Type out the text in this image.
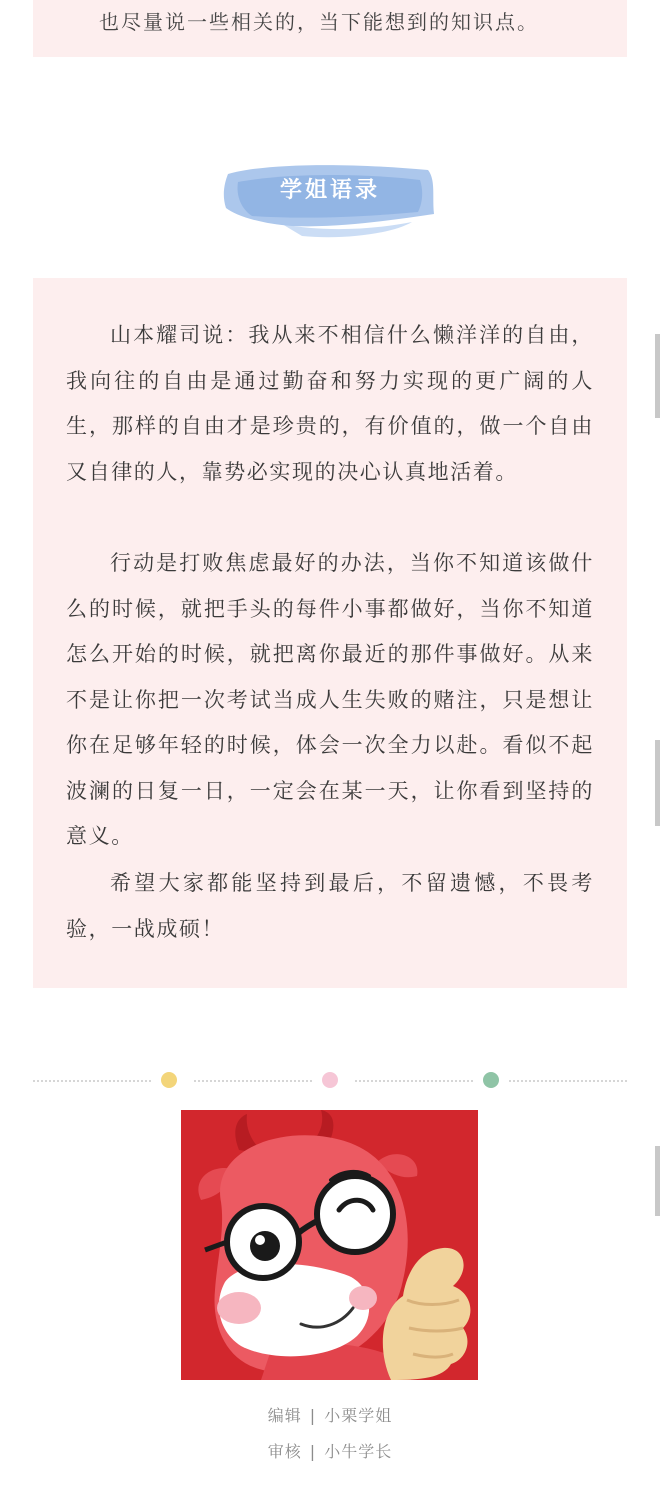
也尽量说一些相关的，当下能想到的知识点。

学姐语录

山本耀司说：我从来不相信什么懒洋洋的自由，我向往的自由是通过勤奋和努力实现的更广阔的人生，那样的自由才是珍贵的，有价值的，做一个自由又自律的人，靠势必实现的决心认真地活着。

行动是打败焦虑最好的办法，当你不知道该做什么的时候，就把手头的每件小事都做好，当你不知道怎么开始的时候，就把离你最近的那件事做好。从来不是让你把一次考试当成人生失败的赌注，只是想让你在足够年轻的时候，体会一次全力以赴。看似不起波澜的日复一日，一定会在某一天，让你看到坚持的意义。

希望大家都能坚持到最后，不留遗憾，不畏考验，一战成硕！

编辑 | 小栗学姐
审核 | 小牛学长
